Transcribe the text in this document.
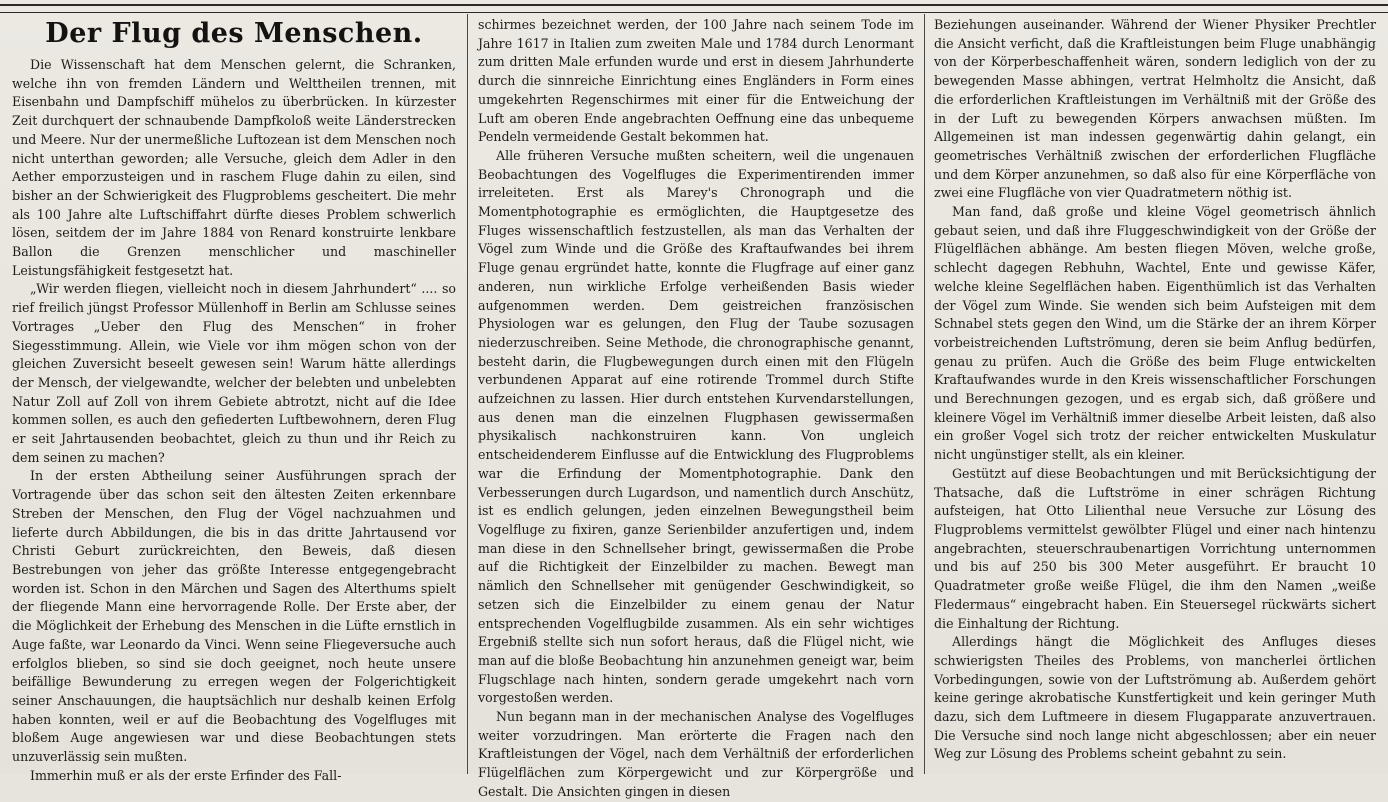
Der Flug des Menschen.

Die Wissenschaft hat dem Menschen gelernt, die Schranken, welche ihn von fremden Ländern und Welttheilen trennen, mit Eisenbahn und Dampfschiff mühelos zu überbrücken. In kürzester Zeit durchquert der schnaubende Dampfkoloß weite Länderstrecken und Meere. Nur der unermeßliche Luftozean ist dem Menschen noch nicht unterthan geworden; alle Versuche, gleich dem Adler in den Aether emporzusteigen und in raschem Fluge dahin zu eilen, sind bisher an der Schwierigkeit des Flugproblems gescheitert. Die mehr als 100 Jahre alte Luftschiffahrt dürfte dieses Problem schwerlich lösen, seitdem der im Jahre 1884 von Renard konstruirte lenkbare Ballon die Grenzen menschlicher und maschineller Leistungsfähigkeit festgesetzt hat.

„Wir werden fliegen, vielleicht noch in diesem Jahrhundert“ .... so rief freilich jüngst Professor Müllenhoff in Berlin am Schlusse seines Vortrages „Ueber den Flug des Menschen“ in froher Siegesstimmung. Allein, wie Viele vor ihm mögen schon von der gleichen Zuversicht beseelt gewesen sein! Warum hätte allerdings der Mensch, der vielgewandte, welcher der belebten und unbelebten Natur Zoll auf Zoll von ihrem Gebiete abtrotzt, nicht auf die Idee kommen sollen, es auch den gefiederten Luftbewohnern, deren Flug er seit Jahrtausenden beobachtet, gleich zu thun und ihr Reich zu dem seinen zu machen?

In der ersten Abtheilung seiner Ausführungen sprach der Vortragende über das schon seit den ältesten Zeiten erkennbare Streben der Menschen, den Flug der Vögel nachzuahmen und lieferte durch Abbildungen, die bis in das dritte Jahrtausend vor Christi Geburt zurückreichten, den Beweis, daß diesen Bestrebungen von jeher das größte Interesse entgegengebracht worden ist. Schon in den Märchen und Sagen des Alterthums spielt der fliegende Mann eine hervorragende Rolle. Der Erste aber, der die Möglichkeit der Erhebung des Menschen in die Lüfte ernstlich in Auge faßte, war Leonardo da Vinci. Wenn seine Fliegeversuche auch erfolglos blieben, so sind sie doch geeignet, noch heute unsere beifällige Bewunderung zu erregen wegen der Folgerichtigkeit seiner Anschauungen, die hauptsächlich nur deshalb keinen Erfolg haben konnten, weil er auf die Beobachtung des Vogelfluges mit bloßem Auge angewiesen war und diese Beobachtungen stets unzuverlässig sein mußten.

Immerhin muß er als der erste Erfinder des Fall-

schirmes bezeichnet werden, der 100 Jahre nach seinem Tode im Jahre 1617 in Italien zum zweiten Male und 1784 durch Lenormant zum dritten Male erfunden wurde und erst in diesem Jahrhunderte durch die sinnreiche Einrichtung eines Engländers in Form eines umgekehrten Regenschirmes mit einer für die Entweichung der Luft am oberen Ende angebrachten Oeffnung eine das unbequeme Pendeln vermeidende Gestalt bekommen hat.

Alle früheren Versuche mußten scheitern, weil die ungenauen Beobachtungen des Vogelfluges die Experimentirenden immer irreleiteten. Erst als Marey's Chronograph und die Momentphotographie es ermöglichten, die Hauptgesetze des Fluges wissenschaftlich festzustellen, als man das Verhalten der Vögel zum Winde und die Größe des Kraftaufwandes bei ihrem Fluge genau ergründet hatte, konnte die Flugfrage auf einer ganz anderen, nun wirkliche Erfolge verheißenden Basis wieder aufgenommen werden. Dem geistreichen französischen Physiologen war es gelungen, den Flug der Taube sozusagen niederzuschreiben. Seine Methode, die chronographische genannt, besteht darin, die Flugbewegungen durch einen mit den Flügeln verbundenen Apparat auf eine rotirende Trommel durch Stifte aufzeichnen zu lassen. Hier durch entstehen Kurvendarstellungen, aus denen man die einzelnen Flugphasen gewissermaßen physikalisch nachkonstruiren kann. Von ungleich entscheidenderem Einflusse auf die Entwicklung des Flugproblems war die Erfindung der Momentphotographie. Dank den Verbesserungen durch Lugardson, und namentlich durch Anschütz, ist es endlich gelungen, jeden einzelnen Bewegungstheil beim Vogelfluge zu fixiren, ganze Serienbilder anzufertigen und, indem man diese in den Schnellseher bringt, gewissermaßen die Probe auf die Richtigkeit der Einzelbilder zu machen. Bewegt man nämlich den Schnellseher mit genügender Geschwindigkeit, so setzen sich die Einzelbilder zu einem genau der Natur entsprechenden Vogelflugbilde zusammen. Als ein sehr wichtiges Ergebniß stellte sich nun sofort heraus, daß die Flügel nicht, wie man auf die bloße Beobachtung hin anzunehmen geneigt war, beim Flugschlage nach hinten, sondern gerade umgekehrt nach vorn vorgestoßen werden.

Nun begann man in der mechanischen Analyse des Vogelfluges weiter vorzudringen. Man erörterte die Fragen nach den Kraftleistungen der Vögel, nach dem Verhältniß der erforderlichen Flügelflächen zum Körpergewicht und zur Körpergröße und Gestalt. Die Ansichten gingen in diesen

Beziehungen auseinander. Während der Wiener Physiker Prechtler die Ansicht verficht, daß die Kraftleistungen beim Fluge unabhängig von der Körperbeschaffenheit wären, sondern lediglich von der zu bewegenden Masse abhingen, vertrat Helmholtz die Ansicht, daß die erforderlichen Kraftleistungen im Verhältniß mit der Größe des in der Luft zu bewegenden Körpers anwachsen müßten. Im Allgemeinen ist man indessen gegenwärtig dahin gelangt, ein geometrisches Verhältniß zwischen der erforderlichen Flugfläche und dem Körper anzunehmen, so daß also für eine Körperfläche von zwei eine Flugfläche von vier Quadratmetern nöthig ist.

Man fand, daß große und kleine Vögel geometrisch ähnlich gebaut seien, und daß ihre Fluggeschwindigkeit von der Größe der Flügelflächen abhänge. Am besten fliegen Möven, welche große, schlecht dagegen Rebhuhn, Wachtel, Ente und gewisse Käfer, welche kleine Segelflächen haben. Eigenthümlich ist das Verhalten der Vögel zum Winde. Sie wenden sich beim Aufsteigen mit dem Schnabel stets gegen den Wind, um die Stärke der an ihrem Körper vorbeistreichenden Luftströmung, deren sie beim Anflug bedürfen, genau zu prüfen. Auch die Größe des beim Fluge entwickelten Kraftaufwandes wurde in den Kreis wissenschaftlicher Forschungen und Berechnungen gezogen, und es ergab sich, daß größere und kleinere Vögel im Verhältniß immer dieselbe Arbeit leisten, daß also ein großer Vogel sich trotz der reicher entwickelten Muskulatur nicht ungünstiger stellt, als ein kleiner.

Gestützt auf diese Beobachtungen und mit Berücksichtigung der Thatsache, daß die Luftströme in einer schrägen Richtung aufsteigen, hat Otto Lilienthal neue Versuche zur Lösung des Flugproblems vermittelst gewölbter Flügel und einer nach hintenzu angebrachten, steuerschraubenartigen Vorrichtung unternommen und bis auf 250 bis 300 Meter ausgeführt. Er braucht 10 Quadratmeter große weiße Flügel, die ihm den Namen „weiße Fledermaus“ eingebracht haben. Ein Steuersegel rückwärts sichert die Einhaltung der Richtung.

Allerdings hängt die Möglichkeit des Anfluges dieses schwierigsten Theiles des Problems, von mancherlei örtlichen Vorbedingungen, sowie von der Luftströmung ab. Außerdem gehört keine geringe akrobatische Kunstfertigkeit und kein geringer Muth dazu, sich dem Luftmeere in diesem Flugapparate anzuvertrauen. Die Versuche sind noch lange nicht abgeschlossen; aber ein neuer Weg zur Lösung des Problems scheint gebahnt zu sein.
